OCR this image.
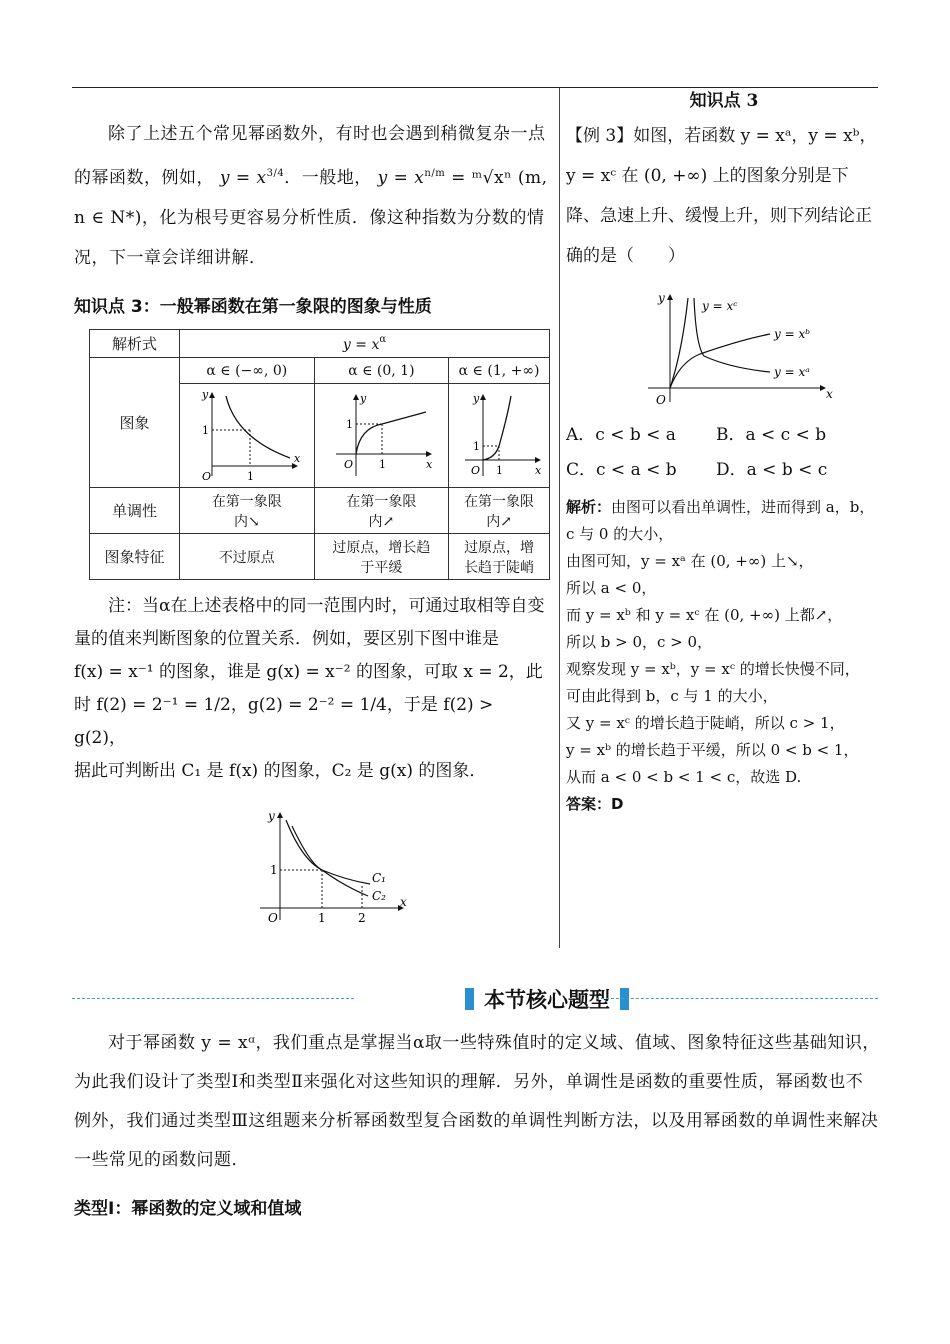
除了上述五个常见幂函数外，有时也会遇到稍微复杂一点的幂函数，例如， $y = x^{3/4}$．一般地， $y = x^{n/m}$ = ᵐ√xⁿ (m, n ∈ N*)，化为根号更容易分析性质．像这种指数为分数的情况，下一章会详细讲解．

知识点 3：一般幂函数在第一象限的图象与性质

解析式	$y = x^\alpha$
图象	α ∈ (−∞, 0)	α ∈ (0, 1)	α ∈ (1, +∞)

y
x
O
1
1	y
x
O
1
1	y
x
O
1
1

单调性	在第一象限内↘	在第一象限内↗	在第一象限内↗
图象特征	不过原点	过原点，增长趋于平缓	过原点，增长趋于陡峭

注：当α在上述表格中的同一范围内时，可通过取相等自变量的值来判断图象的位置关系．例如，要区别下图中谁是

f(x) = x⁻¹ 的图象，谁是 g(x) = x⁻² 的图象，可取 x = 2，此时 f(2) = 2⁻¹ = 1/2，g(2) = 2⁻² = 1/4，于是 f(2) > g(2)，

据此可判断出 C₁ 是 f(x) 的图象，C₂ 是 g(x) 的图象．

y
x
O
1
1	2
C₁
C₂

知识点 3

【例 3】如图，若函数 y = xᵃ，y = xᵇ，y = xᶜ 在 (0, +∞) 上的图象分别是下降、急速上升、缓慢上升，则下列结论正确的是（　　）

y
x
O
y = xᶜ
y = xᵇ
y = xᵃ
A．c < b < a B．a < c < b
C．c < a < b D．a < b < c

解析：由图可以看出单调性，进而得到 a，b，c 与 0 的大小，

由图可知，y = xᵃ 在 (0, +∞) 上↘，

所以 a < 0，

而 y = xᵇ 和 y = xᶜ 在 (0, +∞) 上都↗，

所以 b > 0，c > 0，

观察发现 y = xᵇ，y = xᶜ 的增长快慢不同，

可由此得到 b，c 与 1 的大小，

又 y = xᶜ 的增长趋于陡峭，所以 c > 1，

y = xᵇ 的增长趋于平缓，所以 0 < b < 1，

从而 a < 0 < b < 1 < c，故选 D.

答案：D

本节核心题型

对于幂函数 y = xᵅ，我们重点是掌握当α取一些特殊值时的定义域、值域、图象特征这些基础知识，为此我们设计了类型Ⅰ和类型Ⅱ来强化对这些知识的理解．另外，单调性是函数的重要性质，幂函数也不例外，我们通过类型Ⅲ这组题来分析幂函数型复合函数的单调性判断方法，以及用幂函数的单调性来解决一些常见的函数问题．

类型Ⅰ：幂函数的定义域和值域
